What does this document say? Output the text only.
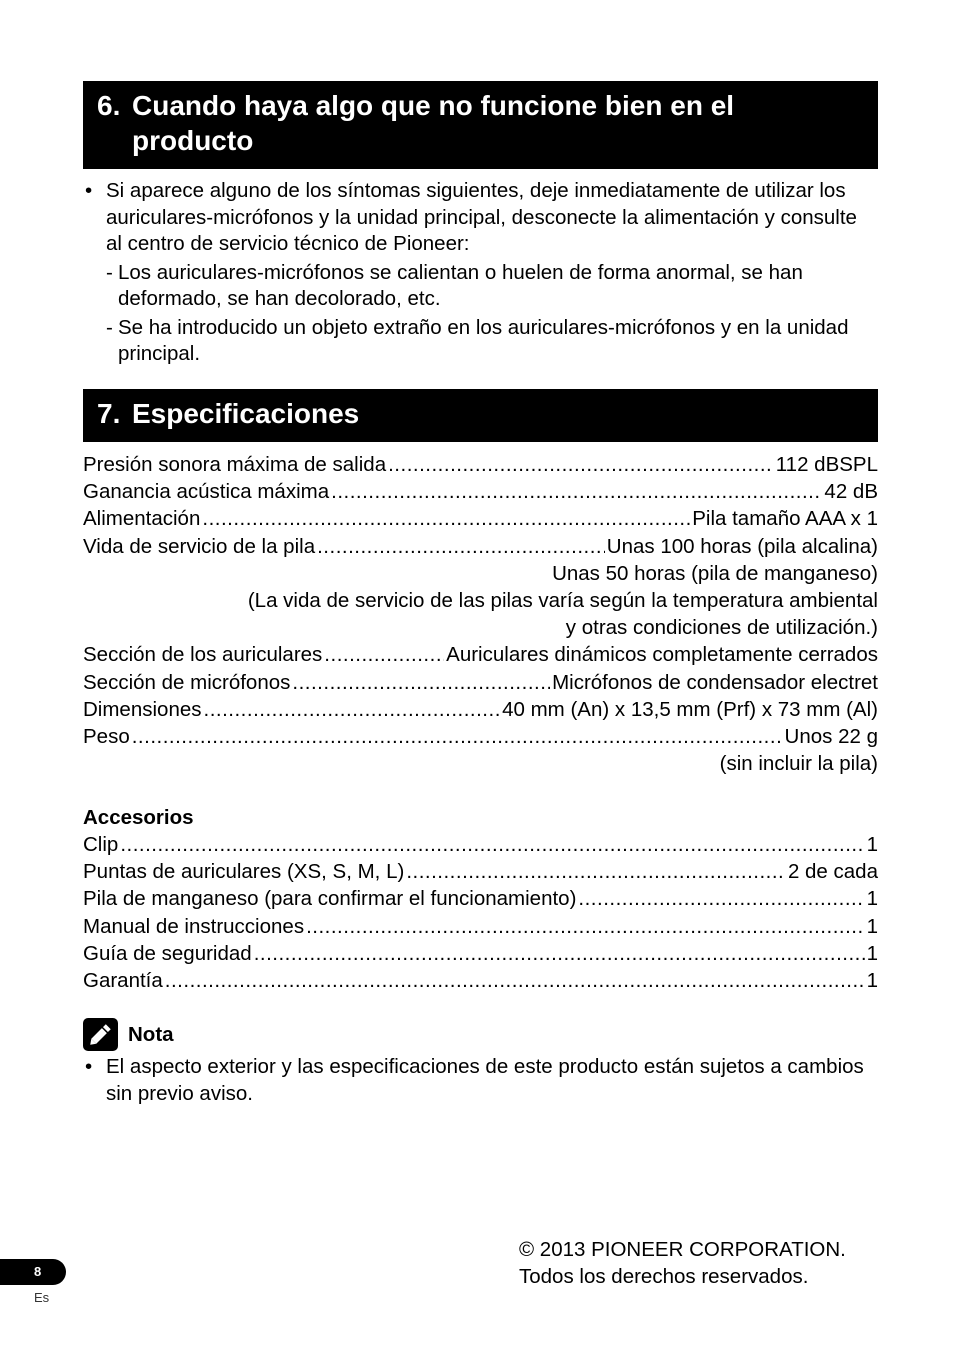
6. Cuando haya algo que no funcione bien en el
producto
• Si aparece alguno de los síntomas siguientes, deje inmediatamente de utilizar los auriculares-micrófonos y la unidad principal, desconecte la alimentación y consulte al centro de servicio técnico de Pioneer:
- Los auriculares-micrófonos se calientan o huelen de forma anormal, se han deformado, se han decolorado, etc.
- Se ha introducido un objeto extraño en los auriculares-micrófonos y en la unidad principal.
7. Especificaciones
Presión sonora máxima de salida .....	112 dBSPL
Ganancia acústica máxima .....	42 dB
Alimentación .....	Pila tamaño AAA x 1
Vida de servicio de la pila .....	Unas 100 horas (pila alcalina)
Unas 50 horas (pila de manganeso)
(La vida de servicio de las pilas varía según la temperatura ambiental
y otras condiciones de utilización.)
Sección de los auriculares .....	Auriculares dinámicos completamente cerrados
Sección de micrófonos .....	Micrófonos de condensador electret
Dimensiones .....	40 mm (An) x 13,5 mm (Prf) x 73 mm (Al)
Peso .....	Unos 22 g
(sin incluir la pila)
Accesorios
Clip .....	1
Puntas de auriculares (XS, S, M, L) .....	2 de cada
Pila de manganeso (para confirmar el funcionamiento) .....	1
Manual de instrucciones .....	1
Guía de seguridad .....	1
Garantía .....	1
Nota
• El aspecto exterior y las especificaciones de este producto están sujetos a cambios sin previo aviso.
© 2013 PIONEER CORPORATION.
Todos los derechos reservados.
8
Es
